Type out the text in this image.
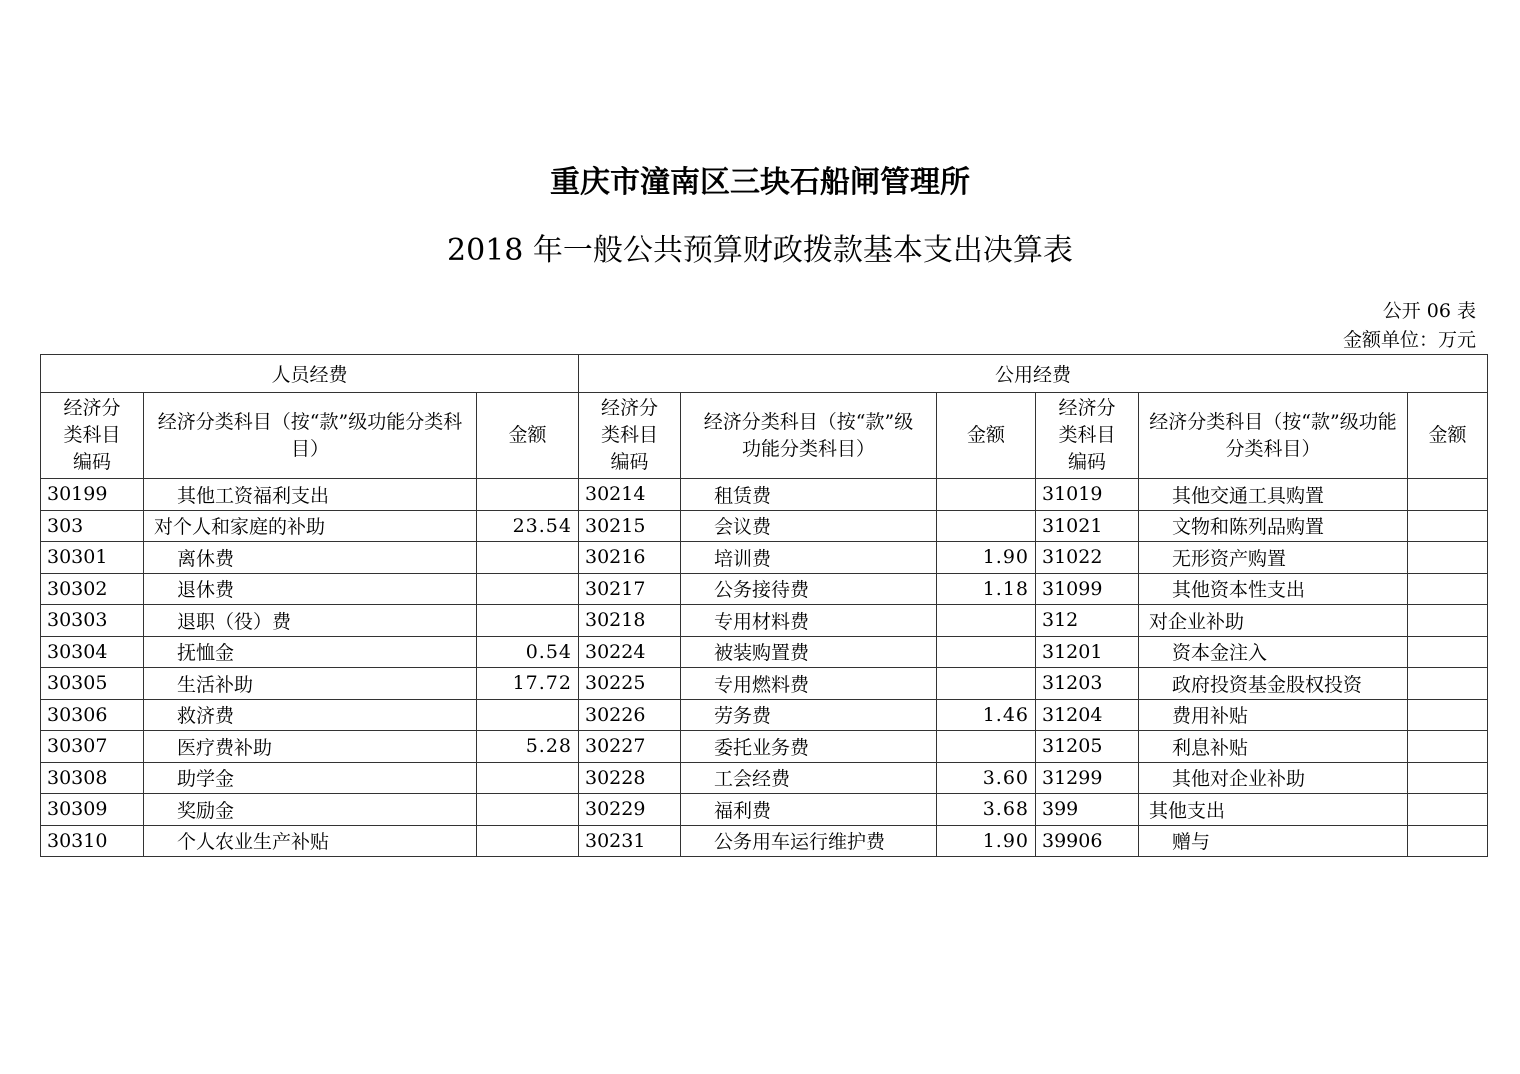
重庆市潼南区三块石船闸管理所
2018 年一般公共预算财政拨款基本支出决算表
公开 06 表
金额单位：万元
人员经费			公用经费					
经济分类科目编码	经济分类科目（按“款”级功能分类科目）	金额	经济分类科目编码	经济分类科目（按“款”级功能分类科目）	金额	经济分类科目编码	经济分类科目（按“款”级功能分类科目）	金额
30199	其他工资福利支出		30214	租赁费		31019	其他交通工具购置	
303	对个人和家庭的补助	23.54	30215	会议费		31021	文物和陈列品购置	
30301	离休费		30216	培训费	1.90	31022	无形资产购置	
30302	退休费		30217	公务接待费	1.18	31099	其他资本性支出	
30303	退职（役）费		30218	专用材料费		312	对企业补助	
30304	抚恤金	0.54	30224	被装购置费		31201	资本金注入	
30305	生活补助	17.72	30225	专用燃料费		31203	政府投资基金股权投资	
30306	救济费		30226	劳务费	1.46	31204	费用补贴	
30307	医疗费补助	5.28	30227	委托业务费		31205	利息补贴	
30308	助学金		30228	工会经费	3.60	31299	其他对企业补助	
30309	奖励金		30229	福利费	3.68	399	其他支出	
30310	个人农业生产补贴		30231	公务用车运行维护费	1.90	39906	赠与	
